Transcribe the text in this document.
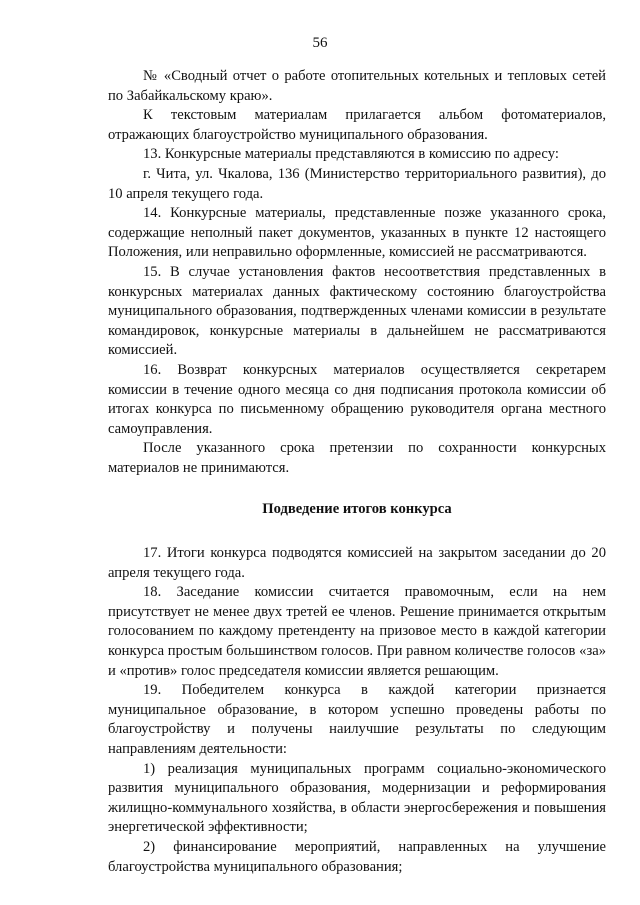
56

№ «Сводный отчет о работе отопительных котельных и тепловых сетей по Забайкальскому краю».

К текстовым материалам прилагается альбом фотоматериалов, отражающих благоустройство муниципального образования.

13. Конкурсные материалы представляются в комиссию по адресу:

г. Чита, ул. Чкалова, 136 (Министерство территориального развития), до 10 апреля текущего года.

14. Конкурсные материалы, представленные позже указанного срока, содержащие неполный пакет документов, указанных в пункте 12 настоящего Положения, или неправильно оформленные, комиссией не рассматриваются.

15. В случае установления фактов несоответствия представленных в конкурсных материалах данных фактическому состоянию благоустройства муниципального образования, подтвержденных членами комиссии в результате командировок, конкурсные материалы в дальнейшем не рассматриваются комиссией.

16. Возврат конкурсных материалов осуществляется секретарем комиссии в течение одного месяца со дня подписания протокола комиссии об итогах конкурса по письменному обращению руководителя органа местного самоуправления.

После указанного срока претензии по сохранности конкурсных материалов не принимаются.

Подведение итогов конкурса

17. Итоги конкурса подводятся комиссией на закрытом заседании до 20 апреля текущего года.

18. Заседание комиссии считается правомочным, если на нем присутствует не менее двух третей ее членов. Решение принимается открытым голосованием по каждому претенденту на призовое место в каждой категории конкурса простым большинством голосов. При равном количестве голосов «за» и «против» голос председателя комиссии является решающим.

19. Победителем конкурса в каждой категории признается муниципальное образование, в котором успешно проведены работы по благоустройству и получены наилучшие результаты по следующим направлениям деятельности:

1) реализация муниципальных программ социально-экономического развития муниципального образования, модернизации и реформирования жилищно-коммунального хозяйства, в области энергосбережения и повышения энергетической эффективности;

2) финансирование мероприятий, направленных на улучшение благоустройства муниципального образования;
